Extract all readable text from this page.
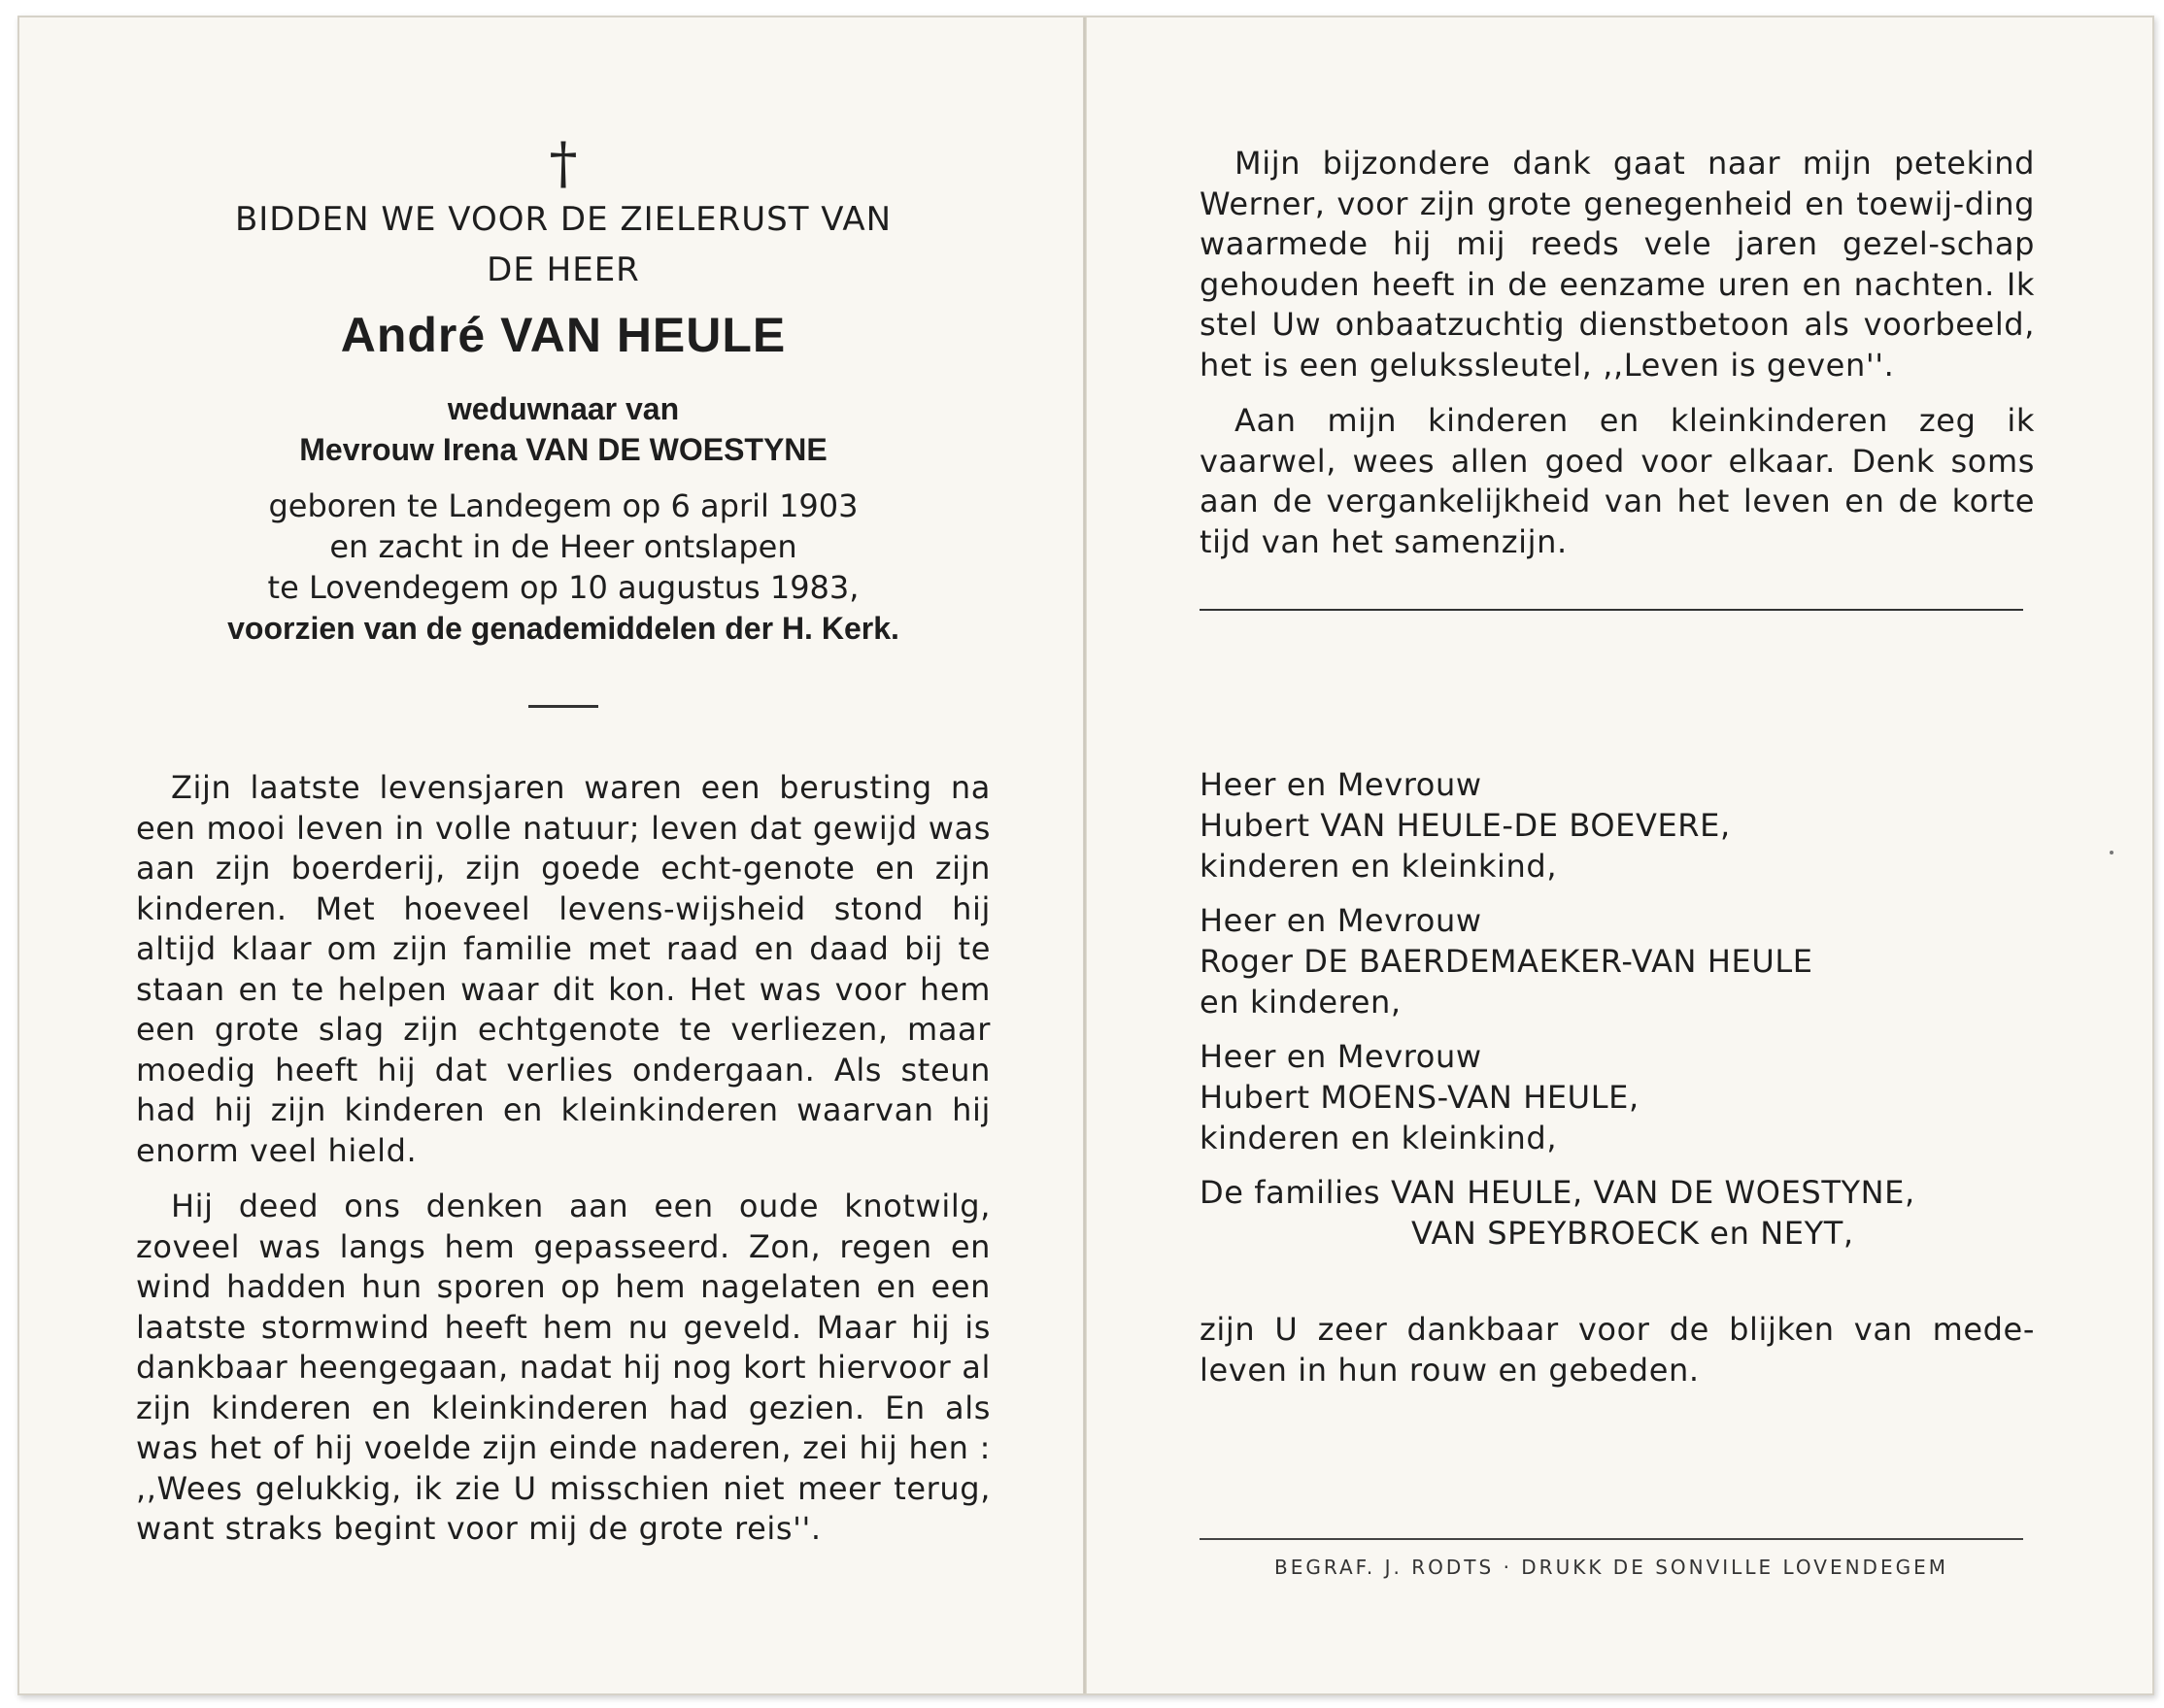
†
BIDDEN WE VOOR DE ZIELERUST VAN
DE HEER
André VAN HEULE
weduwnaar van
Mevrouw Irena VAN DE WOESTYNE
geboren te Landegem op 6 april 1903
en zacht in de Heer ontslapen
te Lovendegem op 10 augustus 1983,
voorzien van de genademiddelen der H. Kerk.

Zijn laatste levensjaren waren een berusting na een mooi leven in volle natuur; leven dat gewijd was aan zijn boerderij, zijn goede echt-genote en zijn kinderen. Met hoeveel levens-wijsheid stond hij altijd klaar om zijn familie met raad en daad bij te staan en te helpen waar dit kon. Het was voor hem een grote slag zijn echtgenote te verliezen, maar moedig heeft hij dat verlies ondergaan. Als steun had hij zijn kinderen en kleinkinderen waarvan hij enorm veel hield.

Hij deed ons denken aan een oude knotwilg, zoveel was langs hem gepasseerd. Zon, regen en wind hadden hun sporen op hem nagelaten en een laatste stormwind heeft hem nu geveld. Maar hij is dankbaar heengegaan, nadat hij nog kort hiervoor al zijn kinderen en kleinkinderen had gezien. En als was het of hij voelde zijn einde naderen, zei hij hen : ,,Wees gelukkig, ik zie U misschien niet meer terug, want straks begint voor mij de grote reis''.

Mijn bijzondere dank gaat naar mijn petekind Werner, voor zijn grote genegenheid en toewij-ding waarmede hij mij reeds vele jaren gezel-schap gehouden heeft in de eenzame uren en nachten. Ik stel Uw onbaatzuchtig dienstbetoon als voorbeeld, het is een gelukssleutel, ,,Leven is geven''.

Aan mijn kinderen en kleinkinderen zeg ik vaarwel, wees allen goed voor elkaar. Denk soms aan de vergankelijkheid van het leven en de korte tijd van het samenzijn.

Heer en Mevrouw
Hubert VAN HEULE-DE BOEVERE,
kinderen en kleinkind,
Heer en Mevrouw
Roger DE BAERDEMAEKER-VAN HEULE
en kinderen,
Heer en Mevrouw
Hubert MOENS-VAN HEULE,
kinderen en kleinkind,
De families VAN HEULE, VAN DE WOESTYNE,
VAN SPEYBROECK en NEYT,

zijn U zeer dankbaar voor de blijken van mede-leven in hun rouw en gebeden.

BEGRAF. J. RODTS · DRUKK DE SONVILLE LOVENDEGEM
